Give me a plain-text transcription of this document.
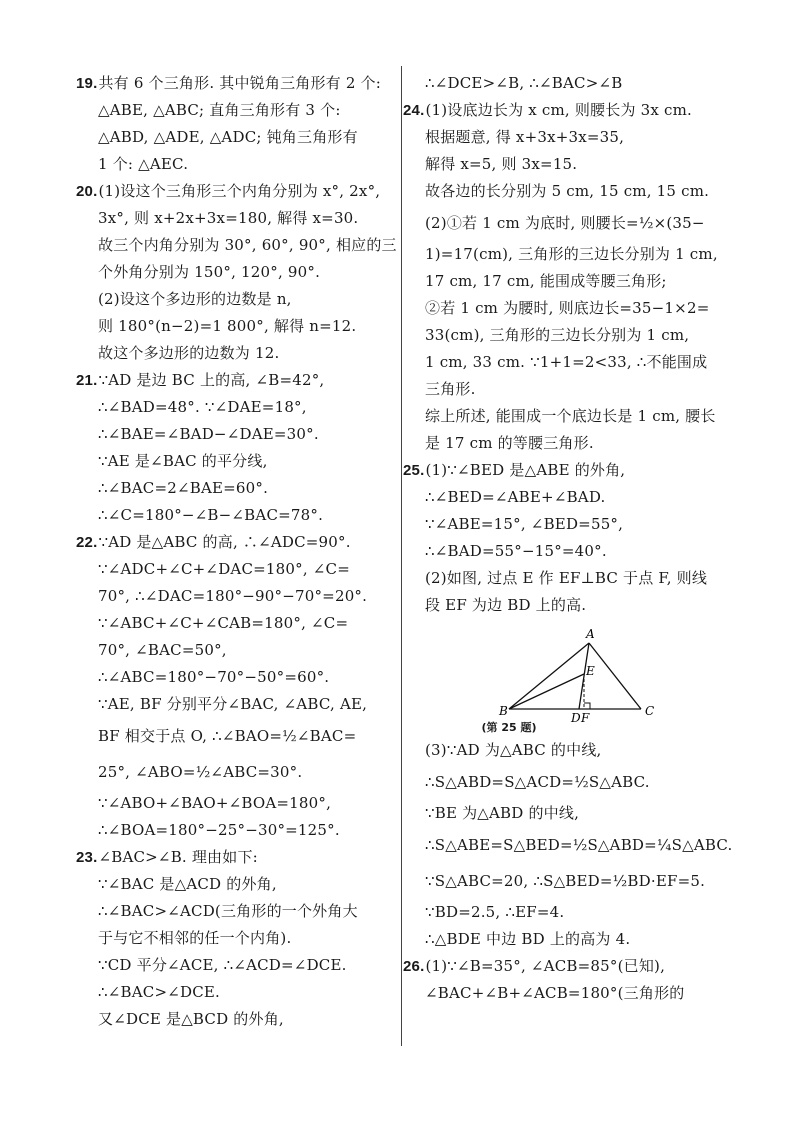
19.共有 6 个三角形. 其中锐角三角形有 2 个:
△ABE, △ABC; 直角三角形有 3 个:
△ABD, △ADE, △ADC; 钝角三角形有
1 个: △AEC.
20.(1)设这个三角形三个内角分别为 x°, 2x°,
3x°, 则 x+2x+3x=180, 解得 x=30.
故三个内角分别为 30°, 60°, 90°, 相应的三
个外角分别为 150°, 120°, 90°.
(2)设这个多边形的边数是 n,
则 180°(n−2)=1 800°, 解得 n=12.
故这个多边形的边数为 12.
21.∵AD 是边 BC 上的高, ∠B=42°,
∴∠BAD=48°. ∵∠DAE=18°,
∴∠BAE=∠BAD−∠DAE=30°.
∵AE 是∠BAC 的平分线,
∴∠BAC=2∠BAE=60°.
∴∠C=180°−∠B−∠BAC=78°.
22.∵AD 是△ABC 的高, ∴∠ADC=90°.
∵∠ADC+∠C+∠DAC=180°, ∠C=
70°, ∴∠DAC=180°−90°−70°=20°.
∵∠ABC+∠C+∠CAB=180°, ∠C=
70°, ∠BAC=50°,
∴∠ABC=180°−70°−50°=60°.
∵AE, BF 分别平分∠BAC, ∠ABC, AE,
BF 相交于点 O, ∴∠BAO=½∠BAC=
25°, ∠ABO=½∠ABC=30°.
∵∠ABO+∠BAO+∠BOA=180°,
∴∠BOA=180°−25°−30°=125°.
23.∠BAC>∠B. 理由如下:
∵∠BAC 是△ACD 的外角,
∴∠BAC>∠ACD(三角形的一个外角大
于与它不相邻的任一个内角).
∵CD 平分∠ACE, ∴∠ACD=∠DCE.
∴∠BAC>∠DCE.
又∠DCE 是△BCD 的外角,
∴∠DCE>∠B, ∴∠BAC>∠B
24.(1)设底边长为 x cm, 则腰长为 3x cm.
根据题意, 得 x+3x+3x=35,
解得 x=5, 则 3x=15.
故各边的长分别为 5 cm, 15 cm, 15 cm.
(2)①若 1 cm 为底时, 则腰长=½×(35−
1)=17(cm), 三角形的三边长分别为 1 cm,
17 cm, 17 cm, 能围成等腰三角形;
②若 1 cm 为腰时, 则底边长=35−1×2=
33(cm), 三角形的三边长分别为 1 cm,
1 cm, 33 cm. ∵1+1=2<33, ∴不能围成
三角形.
综上所述, 能围成一个底边长是 1 cm, 腰长
是 17 cm 的等腰三角形.
25.(1)∵∠BED 是△ABE 的外角,
∴∠BED=∠ABE+∠BAD.
∵∠ABE=15°, ∠BED=55°,
∴∠BAD=55°−15°=40°.
(2)如图, 过点 E 作 EF⊥BC 于点 F, 则线
段 EF 为边 BD 上的高.
A
B	C
D
E
F
(第 25 题)
(3)∵AD 为△ABC 的中线,
∴S△ABD=S△ACD=½S△ABC.
∵BE 为△ABD 的中线,
∴S△ABE=S△BED=½S△ABD=¼S△ABC.
∵S△ABC=20, ∴S△BED=½BD·EF=5.
∵BD=2.5, ∴EF=4.
∴△BDE 中边 BD 上的高为 4.
26.(1)∵∠B=35°, ∠ACB=85°(已知),
∠BAC+∠B+∠ACB=180°(三角形的
